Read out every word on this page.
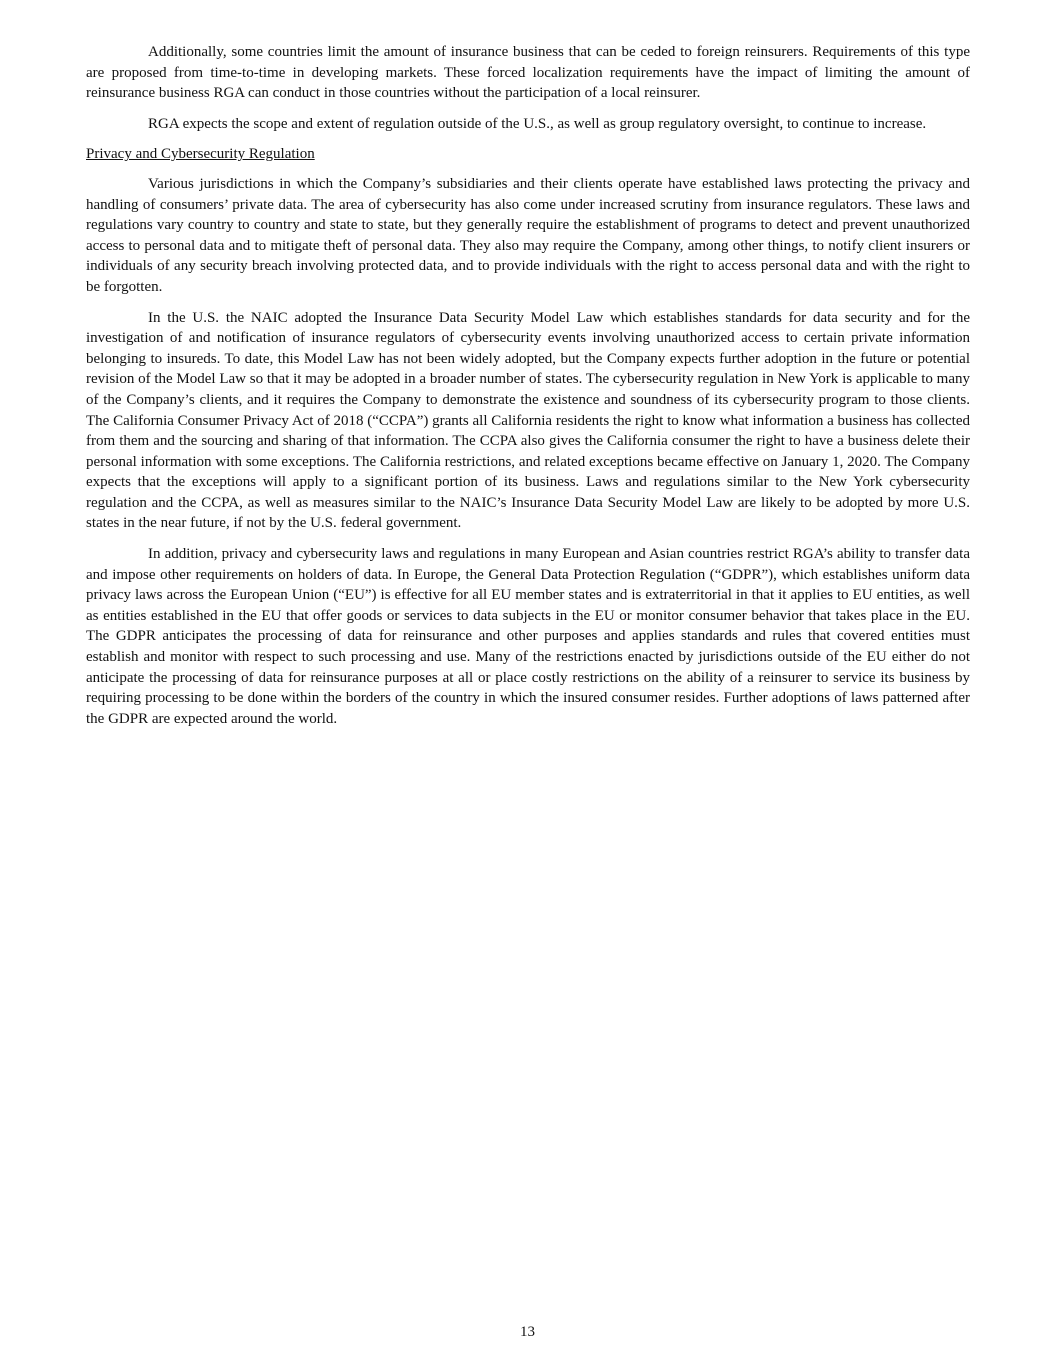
Additionally, some countries limit the amount of insurance business that can be ceded to foreign reinsurers. Requirements of this type are proposed from time-to-time in developing markets. These forced localization requirements have the impact of limiting the amount of reinsurance business RGA can conduct in those countries without the participation of a local reinsurer.

RGA expects the scope and extent of regulation outside of the U.S., as well as group regulatory oversight, to continue to increase.

Privacy and Cybersecurity Regulation

Various jurisdictions in which the Company’s subsidiaries and their clients operate have established laws protecting the privacy and handling of consumers’ private data. The area of cybersecurity has also come under increased scrutiny from insurance regulators. These laws and regulations vary country to country and state to state, but they generally require the establishment of programs to detect and prevent unauthorized access to personal data and to mitigate theft of personal data. They also may require the Company, among other things, to notify client insurers or individuals of any security breach involving protected data, and to provide individuals with the right to access personal data and with the right to be forgotten.

In the U.S. the NAIC adopted the Insurance Data Security Model Law which establishes standards for data security and for the investigation of and notification of insurance regulators of cybersecurity events involving unauthorized access to certain private information belonging to insureds. To date, this Model Law has not been widely adopted, but the Company expects further adoption in the future or potential revision of the Model Law so that it may be adopted in a broader number of states. The cybersecurity regulation in New York is applicable to many of the Company’s clients, and it requires the Company to demonstrate the existence and soundness of its cybersecurity program to those clients. The California Consumer Privacy Act of 2018 (“CCPA”) grants all California residents the right to know what information a business has collected from them and the sourcing and sharing of that information. The CCPA also gives the California consumer the right to have a business delete their personal information with some exceptions. The California restrictions, and related exceptions became effective on January 1, 2020. The Company expects that the exceptions will apply to a significant portion of its business. Laws and regulations similar to the New York cybersecurity regulation and the CCPA, as well as measures similar to the NAIC’s Insurance Data Security Model Law are likely to be adopted by more U.S. states in the near future, if not by the U.S. federal government.

In addition, privacy and cybersecurity laws and regulations in many European and Asian countries restrict RGA’s ability to transfer data and impose other requirements on holders of data. In Europe, the General Data Protection Regulation (“GDPR”), which establishes uniform data privacy laws across the European Union (“EU”) is effective for all EU member states and is extraterritorial in that it applies to EU entities, as well as entities established in the EU that offer goods or services to data subjects in the EU or monitor consumer behavior that takes place in the EU. The GDPR anticipates the processing of data for reinsurance and other purposes and applies standards and rules that covered entities must establish and monitor with respect to such processing and use. Many of the restrictions enacted by jurisdictions outside of the EU either do not anticipate the processing of data for reinsurance purposes at all or place costly restrictions on the ability of a reinsurer to service its business by requiring processing to be done within the borders of the country in which the insured consumer resides. Further adoptions of laws patterned after the GDPR are expected around the world.

13
